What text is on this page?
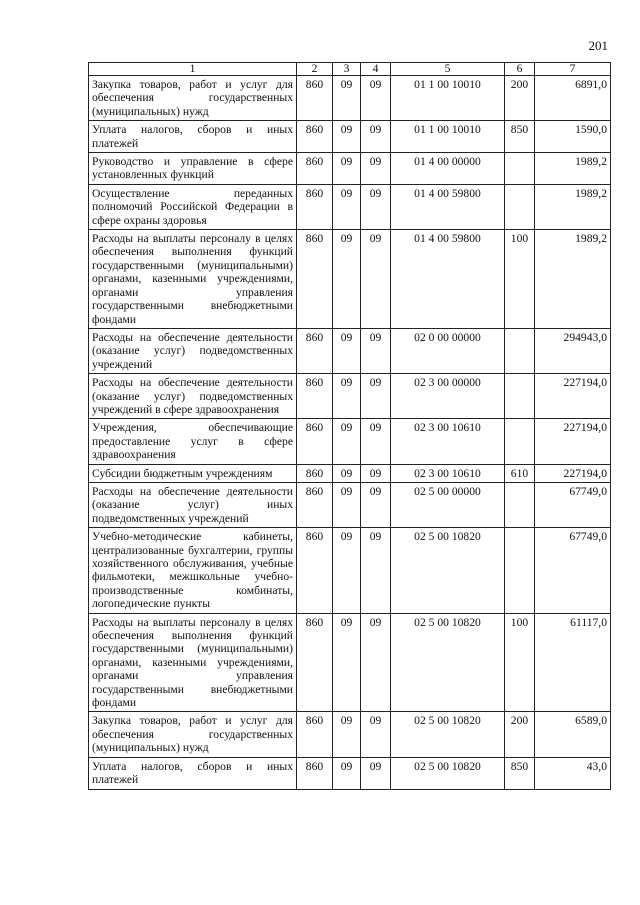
201
1	2	3	4	5	6	7
Закупка товаров, работ и услуг для обеспечения государственных (муниципальных) нужд	860	09	09	01 1 00 10010	200	6891,0
Уплата налогов, сборов и иных платежей	860	09	09	01 1 00 10010	850	1590,0
Руководство и управление в сфере установленных функций	860	09	09	01 4 00 00000		1989,2
Осуществление переданных полномочий Российской Федерации в сфере охраны здоровья	860	09	09	01 4 00 59800		1989,2
Расходы на выплаты персоналу в целях обеспечения выполнения функций государственными (муниципальными) органами, казенными учреждениями, органами управления государственными внебюджетными фондами	860	09	09	01 4 00 59800	100	1989,2
Расходы на обеспечение деятельности (оказание услуг) подведомственных учреждений	860	09	09	02 0 00 00000		294943,0
Расходы на обеспечение деятельности (оказание услуг) подведомственных учреждений в сфере здравоохранения	860	09	09	02 3 00 00000		227194,0
Учреждения, обеспечивающие предоставление услуг в сфере здравоохранения	860	09	09	02 3 00 10610		227194,0
Субсидии бюджетным учреждениям	860	09	09	02 3 00 10610	610	227194,0
Расходы на обеспечение деятельности (оказание услуг) иных подведомственных учреждений	860	09	09	02 5 00 00000		67749,0
Учебно-методические кабинеты, централизованные бухгалтерии, группы хозяйственного обслуживания, учебные фильмотеки, межшкольные учебно-производственные комбинаты, логопедические пункты	860	09	09	02 5 00 10820		67749,0
Расходы на выплаты персоналу в целях обеспечения выполнения функций государственными (муниципальными) органами, казенными учреждениями, органами управления государственными внебюджетными фондами	860	09	09	02 5 00 10820	100	61117,0
Закупка товаров, работ и услуг для обеспечения государственных (муниципальных) нужд	860	09	09	02 5 00 10820	200	6589,0
Уплата налогов, сборов и иных платежей	860	09	09	02 5 00 10820	850	43,0
